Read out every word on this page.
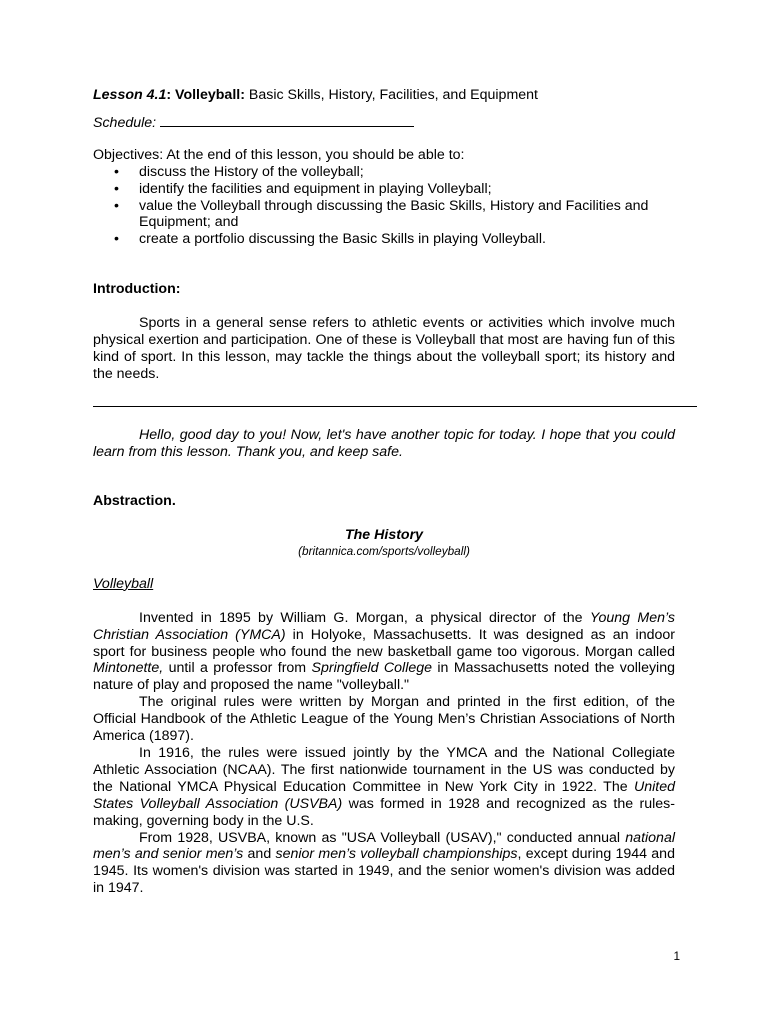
Lesson 4.1: Volleyball: Basic Skills, History, Facilities, and Equipment

Schedule:

Objectives: At the end of this lesson, you should be able to:

• discuss the History of the volleyball;
• identify the facilities and equipment in playing Volleyball;
• value the Volleyball through discussing the Basic Skills, History and Facilities and Equipment; and
• create a portfolio discussing the Basic Skills in playing Volleyball.

Introduction:

Sports in a general sense refers to athletic events or activities which involve much physical exertion and participation. One of these is Volleyball that most are having fun of this kind of sport. In this lesson, may tackle the things about the volleyball sport; its history and the needs.

Hello, good day to you! Now, let's have another topic for today. I hope that you could learn from this lesson. Thank you, and keep safe.

Abstraction.

The History

(britannica.com/sports/volleyball)

Volleyball

Invented in 1895 by William G. Morgan, a physical director of the Young Men’s Christian Association (YMCA) in Holyoke, Massachusetts. It was designed as an indoor sport for business people who found the new basketball game too vigorous. Morgan called Mintonette, until a professor from Springfield College in Massachusetts noted the volleying nature of play and proposed the name "volleyball."

The original rules were written by Morgan and printed in the first edition, of the Official Handbook of the Athletic League of the Young Men’s Christian Associations of North America (1897).

In 1916, the rules were issued jointly by the YMCA and the National Collegiate Athletic Association (NCAA). The first nationwide tournament in the US was conducted by the National YMCA Physical Education Committee in New York City in 1922. The United States Volleyball Association (USVBA) was formed in 1928 and recognized as the rules-making, governing body in the U.S.

From 1928, USVBA, known as "USA Volleyball (USAV)," conducted annual national men’s and senior men’s and senior men’s volleyball championships, except during 1944 and 1945. Its women's division was started in 1949, and the senior women's division was added in 1947.

1
